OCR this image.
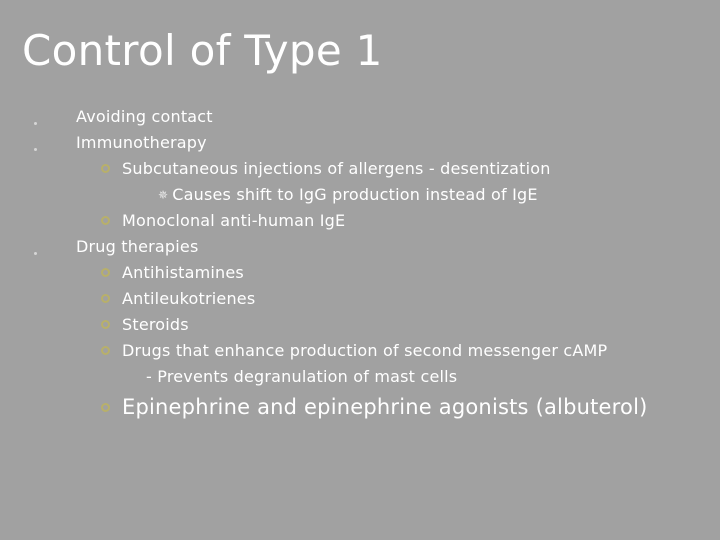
Control of Type 1
Avoiding contact
Immunotherapy
Subcutaneous injections of allergens - desentization
✵ Causes shift to IgG production instead of IgE
Monoclonal anti-human IgE
Drug therapies
Antihistamines
Antileukotrienes
Steroids
Drugs that enhance production of second messenger cAMP
- Prevents degranulation of mast cells
Epinephrine and epinephrine agonists (albuterol)
